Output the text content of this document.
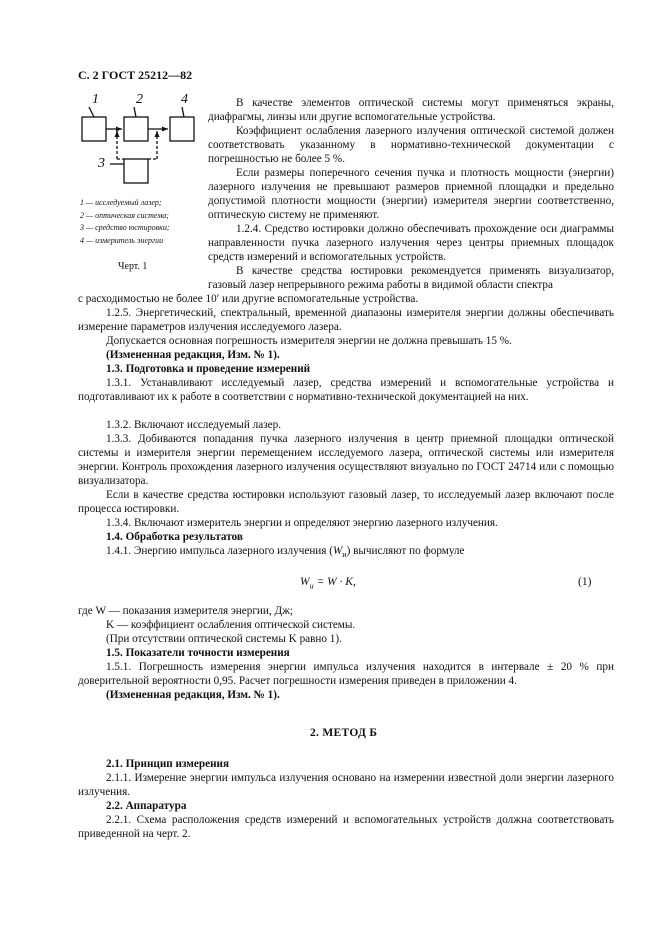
С. 2 ГОСТ 25212—82
1	2	4
3
1 — исследуемый лазер;
2 — оптическая система;
3 — средство юстировки;
4 — измеритель энергии
Черт. 1

В качестве элементов оптической системы могут применяться экраны, диафрагмы, линзы или другие вспомогательные устройства.

Коэффициент ослабления лазерного излучения оптической системой должен соответствовать указанному в нормативно-технической документации с погрешностью не более 5 %.

Если размеры поперечного сечения пучка и плотность мощности (энергии) лазерного излучения не превышают размеров приемной площадки и предельно допустимой плотности мощности (энергии) измерителя энергии соответственно, оптическую систему не применяют.

1.2.4. Средство юстировки должно обеспечивать прохождение оси диаграммы направленности пучка лазерного излучения через центры приемных площадок средств измерений и вспомогательных устройств.

В качестве средства юстировки рекомендуется применять визуализатор, газовый лазер непрерывного режима работы в видимой области спектра

с расходимостью не более 10′ или другие вспомогательные устройства.

1.2.5. Энергетический, спектральный, временной диапазоны измерителя энергии должны обеспечивать измерение параметров излучения исследуемого лазера.

Допускается основная погрешность измерителя энергии не должна превышать 15 %.

(Измененная редакция, Изм. № 1).

1.3. Подготовка и проведение измерений

1.3.1. Устанавливают исследуемый лазер, средства измерений и вспомогательные устройства и подготавливают их к работе в соответствии с нормативно-технической документацией на них.

1.3.2. Включают исследуемый лазер.

1.3.3. Добиваются попадания пучка лазерного излучения в центр приемной площадки оптической системы и измерителя энергии перемещением исследуемого лазера, оптической системы или измерителя энергии. Контроль прохождения лазерного излучения осуществляют визуально по ГОСТ 24714 или с помощью визуализатора.

Если в качестве средства юстировки используют газовый лазер, то исследуемый лазер включают после процесса юстировки.

1.3.4. Включают измеритель энергии и определяют энергию лазерного излучения.

1.4. Обработка результатов

1.4.1. Энергию импульса лазерного излучения $(W_и)$ вычисляют по формуле

$W_и = W \cdot K$,	(1)

где W — показания измерителя энергии, Дж;

K — коэффициент ослабления оптической системы.

(При отсутствии оптической системы K равно 1).

1.5. Показатели точности измерения

1.5.1. Погрешность измерения энергии импульса излучения находится в интервале ± 20 % при доверительной вероятности 0,95. Расчет погрешности измерения приведен в приложении 4.

(Измененная редакция, Изм. № 1).

2. МЕТОД Б

2.1. Принцип измерения

2.1.1. Измерение энергии импульса излучения основано на измерении известной доли энергии лазерного излучения.

2.2. Аппаратура

2.2.1. Схема расположения средств измерений и вспомогательных устройств должна соответствовать приведенной на черт. 2.
